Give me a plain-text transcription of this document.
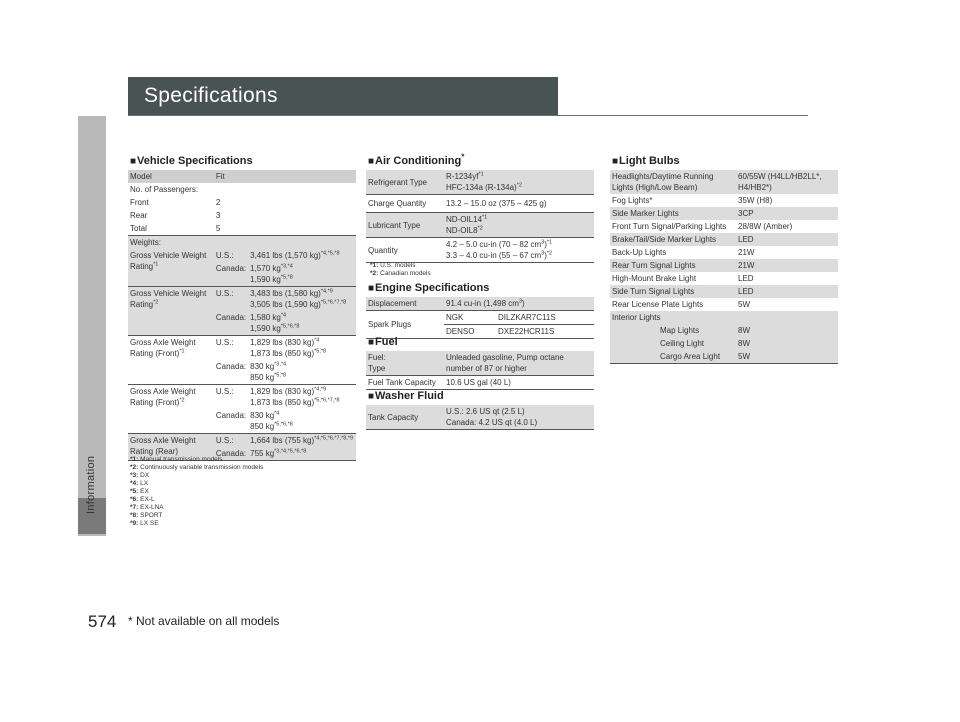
Information
Specifications
574 * Not available on all models
■Vehicle Specifications
Model	Fit	
No. of Passengers:		
Front	2	
Rear	3	
Total	5	
Weights:		
Gross Vehicle Weight Rating$^{*1}$	U.S.:	3,461 lbs (1,570 kg)$^{*4,*5,*8}$
	Canada:	1,570 $kg^{*3,*4}$
1,590 $kg^{*5,*8}$
Gross Vehicle Weight Rating$^{*2}$	U.S.:	3,483 lbs (1,580 kg)$^{*4,*9}$
3,505 lbs (1,590 kg)$^{*5,*6,*7,*8}$
	Canada:	1,580 $kg^{*4}$
1,590 $kg^{*5,*6,*8}$
Gross Axle Weight Rating (Front)$^{*1}$	U.S.:	1,829 lbs (830 kg)$^{*4}$
1,873 lbs (850 kg)$^{*5,*8}$
	Canada:	830 $kg^{*3,*4}$
850 $kg^{*5,*8}$
Gross Axle Weight Rating (Front)$^{*2}$	U.S.:	1,829 lbs (830 kg)$^{*4,*9}$
1,873 lbs (850 kg)$^{*5,*6,*7,*8}$
	Canada:	830 $kg^{*4}$
850 $kg^{*5,*6,*8}$
Gross Axle Weight Rating (Rear)	U.S.:	1,664 lbs (755 kg)$^{*4,*5,*6,*7,*8,*9}$
	Canada:	755 $kg^{*3,*4,*5,*6,*8}$
*1: Manual transmission models
*2: Continuously variable transmission models
*3: DX
*4: LX
*5: EX
*6: EX-L
*7: EX-LNA
*8: SPORT
*9: LX SE
■Air Conditioning*
Refrigerant Type	$R-1234yf^{*1}$
HFC-134a $(R-134a)^{*2}$
Charge Quantity	13.2 – 15.0 oz (375 – 425 g)
Lubricant Type	ND-OIL14$^{*1}$
ND-OIL8$^{*2}$
Quantity	4.2 – 5.0 cu-in (70 – 82 $cm^3)^{*1}$
3.3 – 4.0 cu-in (55 – 67 $cm^3)^{*2}$
*1: U.S. models
*2: Canadian models
■Engine Specifications
Displacement	91.4 cu-in (1,498 $cm^3$)	
Spark Plugs	NGK	DILZKAR7C11S
	DENSO	DXE22HCR11S
■Fuel
Fuel:
Type	Unleaded gasoline, Pump octane number of 87 or higher
Fuel Tank Capacity	10.6 US gal (40 L)
■Washer Fluid
Tank Capacity	U.S.: 2.6 US qt (2.5 L)
Canada: 4.2 US qt (4.0 L)
■Light Bulbs
Headlights/Daytime Running Lights (High/Low Beam)	60/55W (H4LL/HB2LL*, H4/HB2*)
Fog Lights*	35W (H8)
Side Marker Lights	3CP
Front Turn Signal/Parking Lights	28/8W (Amber)
Brake/Tail/Side Marker Lights	LED
Back-Up Lights	21W
Rear Turn Signal Lights	21W
High-Mount Brake Light	LED
Side Turn Signal Lights	LED
Rear License Plate Lights	5W
Interior Lights	
Map Lights	8W
Ceiling Light	8W
Cargo Area Light	5W
